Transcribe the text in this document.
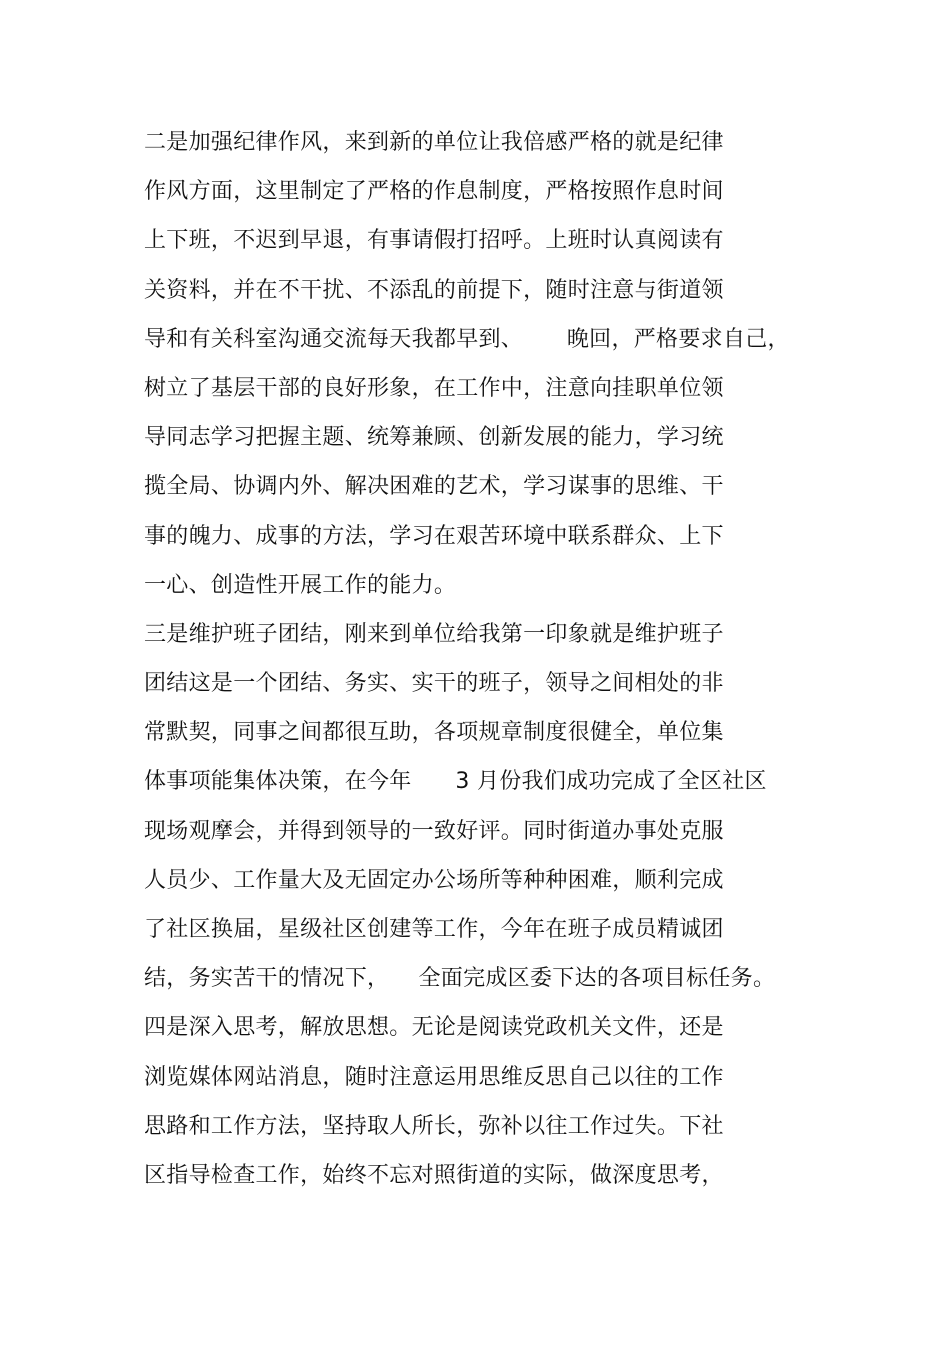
二是加强纪律作风，来到新的单位让我倍感严格的就是纪律
作风方面，这里制定了严格的作息制度，严格按照作息时间
上下班，不迟到早退，有事请假打招呼。上班时认真阅读有
关资料，并在不干扰、不添乱的前提下，随时注意与街道领
导和有关科室沟通交流每天我都早到、      晚回，严格要求自己，
树立了基层干部的良好形象，在工作中，注意向挂职单位领
导同志学习把握主题、统筹兼顾、创新发展的能力，学习统
揽全局、协调内外、解决困难的艺术，学习谋事的思维、干
事的魄力、成事的方法，学习在艰苦环境中联系群众、上下
一心、创造性开展工作的能力。
三是维护班子团结，刚来到单位给我第一印象就是维护班子
团结这是一个团结、务实、实干的班子，领导之间相处的非
常默契，同事之间都很互助，各项规章制度很健全，单位集
体事项能集体决策，在今年      3 月份我们成功完成了全区社区
现场观摩会，并得到领导的一致好评。同时街道办事处克服
人员少、工作量大及无固定办公场所等种种困难，顺利完成
了社区换届，星级社区创建等工作，今年在班子成员精诚团
结，务实苦干的情况下，    全面完成区委下达的各项目标任务。
四是深入思考，解放思想。无论是阅读党政机关文件，还是
浏览媒体网站消息，随时注意运用思维反思自己以往的工作
思路和工作方法，坚持取人所长，弥补以往工作过失。下社
区指导检查工作，始终不忘对照街道的实际，做深度思考，
